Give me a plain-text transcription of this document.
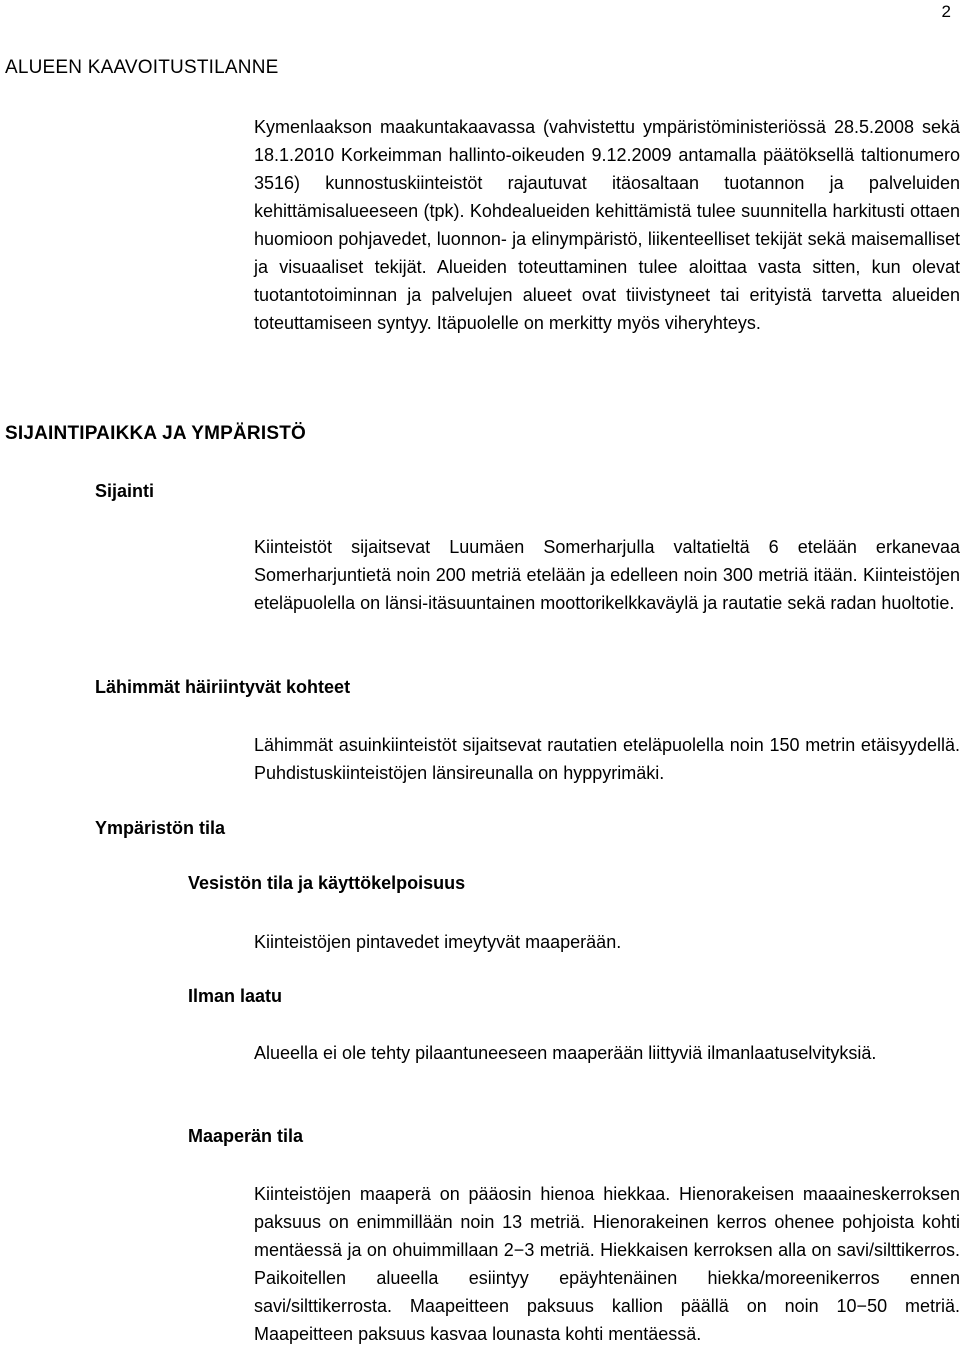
2
ALUEEN KAAVOITUSTILANNE

Kymenlaakson maakuntakaavassa (vahvistettu ympäristöministeriössä 28.5.2008 sekä 18.1.2010 Korkeimman hallinto-oikeuden 9.12.2009 antamalla päätöksellä taltionumero 3516) kunnostuskiinteistöt rajautuvat itäosaltaan tuotannon ja palveluiden kehittämisalueeseen (tpk). Kohdealueiden kehittämistä tulee suunnitella harkitusti ottaen huomioon pohjavedet, luonnon- ja elinympäristö, liikenteelliset tekijät sekä maisemalliset ja visuaaliset tekijät. Alueiden toteuttaminen tulee aloittaa vasta sitten, kun olevat tuotantotoiminnan ja palvelujen alueet ovat tiivistyneet tai erityistä tarvetta alueiden toteuttamiseen syntyy. Itäpuolelle on merkitty myös viheryhteys.

SIJAINTIPAIKKA JA YMPÄRISTÖ
Sijainti

Kiinteistöt sijaitsevat Luumäen Somerharjulla valtatieltä 6 etelään erkanevaa Somerharjuntietä noin 200 metriä etelään ja edelleen noin 300 metriä itään. Kiinteistöjen eteläpuolella on länsi-itäsuuntainen moottorikelkkaväylä ja rautatie sekä radan huoltotie.

Lähimmät häiriintyvät kohteet

Lähimmät asuinkiinteistöt sijaitsevat rautatien eteläpuolella noin 150 metrin etäisyydellä. Puhdistuskiinteistöjen länsireunalla on hyppyrimäki.

Ympäristön tila
Vesistön tila ja käyttökelpoisuus

Kiinteistöjen pintavedet imeytyvät maaperään.

Ilman laatu

Alueella ei ole tehty pilaantuneeseen maaperään liittyviä ilmanlaatuselvityksiä.

Maaperän tila

Kiinteistöjen maaperä on pääosin hienoa hiekkaa. Hienorakeisen maaaineskerroksen paksuus on enimmillään noin 13 metriä. Hienorakeinen kerros ohenee pohjoista kohti mentäessä ja on ohuimmillaan 2−3 metriä. Hiekkaisen kerroksen alla on savi/silttikerros. Paikoitellen alueella esiintyy epäyhtenäinen hiekka/moreenikerros ennen savi/silttikerrosta. Maapeitteen paksuus kallion päällä on noin 10−50 metriä. Maapeitteen paksuus kasvaa lounasta kohti mentäessä.
